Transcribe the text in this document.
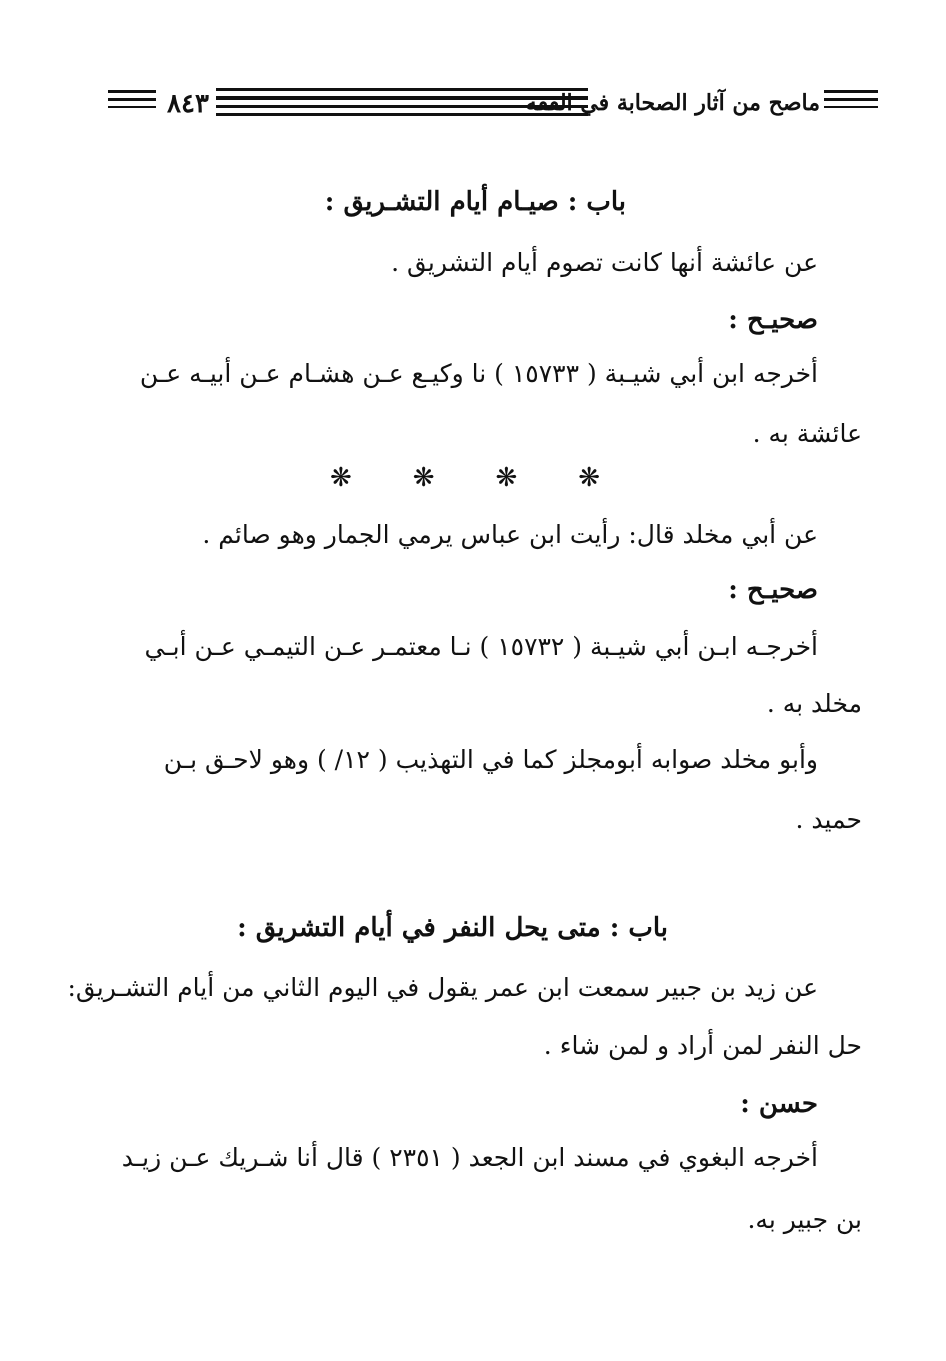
٨٤٣	ماصح من آثار الصحابة في الفقه
باب : صيـام أيام التشـريق :
عن عائشة أنها كانت تصوم أيام التشريق .
صحيـح :
أخرجه ابن أبي شيـبة ( ١٥٧٣٣ ) نا وكيـع عـن هشـام عـن أبيـه عـن
عائشة به .
❋ ❋ ❋ ❋
عن أبي مخلد قال: رأيت ابن عباس يرمي الجمار وهو صائم .
صحيـح :
أخرجـه ابـن أبي شيـبة ( ١٥٧٣٢ ) نـا معتمـر عـن التيمـي عـن أبـي
مخلد به .
وأبو مخلد صوابه أبومجلز كما في التهذيب ( ١٢/ ) وهو لاحـق بـن
حميد .
باب : متى يحل النفر في أيام التشريق :
عن زيد بن جبير سمعت ابن عمر يقول في اليوم الثاني من أيام التشـريق:
حل النفر لمن أراد و لمن شاء .
حسن :
أخرجه البغوي في مسند ابن الجعد ( ٢٣٥١ ) قال أنا شـريك عـن زيـد
بن جبير به.
